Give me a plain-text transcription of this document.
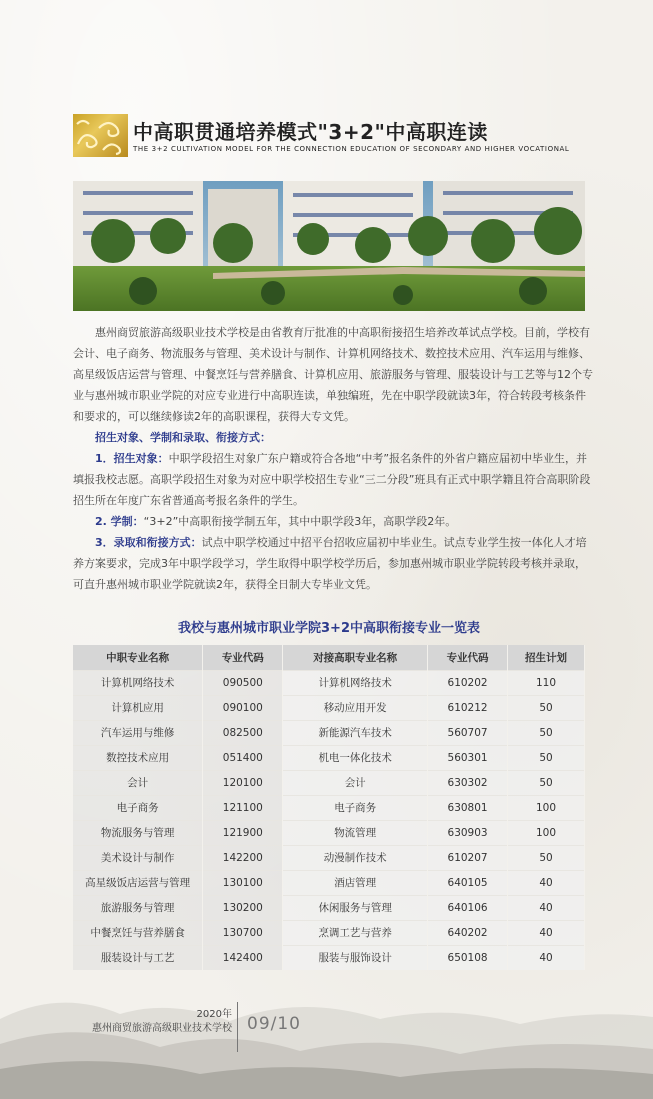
中高职贯通培养模式"3+2"中高职连读
THE 3+2 CULTIVATION MODEL FOR THE CONNECTION EDUCATION OF SECONDARY AND HIGHER VOCATIONAL

惠州商贸旅游高级职业技术学校是由省教育厅批准的中高职衔接招生培养改革试点学校。目前，学校有会计、电子商务、物流服务与管理、美术设计与制作、计算机网络技术、数控技术应用、汽车运用与维修、高星级饭店运营与管理、中餐烹饪与营养膳食、计算机应用、旅游服务与管理、服装设计与工艺等与12个专业与惠州城市职业学院的对应专业进行中高职连读，单独编班，先在中职学段就读3年，符合转段考核条件和要求的，可以继续修读2年的高职课程，获得大专文凭。

招生对象、学制和录取、衔接方式：

1．招生对象：中职学段招生对象广东户籍或符合各地“中考”报名条件的外省户籍应届初中毕业生，并填报我校志愿。高职学段招生对象为对应中职学校招生专业“三二分段”班具有正式中职学籍且符合高职阶段招生所在年度广东省普通高考报名条件的学生。

2. 学制：“3+2”中高职衔接学制五年，其中中职学段3年，高职学段2年。

3．录取和衔接方式：试点中职学校通过中招平台招收应届初中毕业生。试点专业学生按一体化人才培养方案要求，完成3年中职学段学习，学生取得中职学校学历后，参加惠州城市职业学院转段考核并录取，可直升惠州城市职业学院就读2年，获得全日制大专毕业文凭。

我校与惠州城市职业学院3+2中高职衔接专业一览表
中职专业名称	专业代码	对接高职专业名称	专业代码	招生计划
计算机网络技术	090500	计算机网络技术	610202	110
计算机应用	090100	移动应用开发	610212	50
汽车运用与维修	082500	新能源汽车技术	560707	50
数控技术应用	051400	机电一体化技术	560301	50
会计	120100	会计	630302	50
电子商务	121100	电子商务	630801	100
物流服务与管理	121900	物流管理	630903	100
美术设计与制作	142200	动漫制作技术	610207	50
高星级饭店运营与管理	130100	酒店管理	640105	40
旅游服务与管理	130200	休闲服务与管理	640106	40
中餐烹饪与营养膳食	130700	烹调工艺与营养	640202	40
服装设计与工艺	142400	服装与服饰设计	650108	40
2020年
惠州商贸旅游高级职业技术学校 09/10
